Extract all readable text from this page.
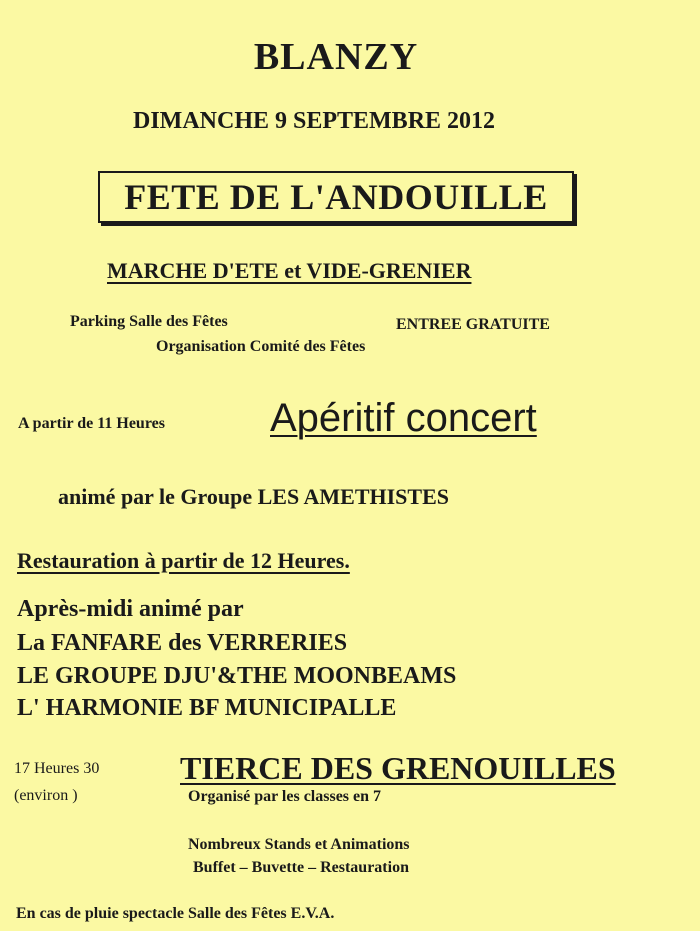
BLANZY

DIMANCHE 9 SEPTEMBRE 2012

FETE DE L'ANDOUILLE

MARCHE D'ETE et VIDE-GRENIER

Parking Salle des Fêtes	ENTREE GRATUITE

Organisation Comité des Fêtes

A partir de 11 Heures	Apéritif concert

animé par le Groupe LES AMETHISTES

Restauration à partir de 12 Heures.

Après-midi animé par

La FANFARE des VERRERIES

LE GROUPE DJU'&THE MOONBEAMS

L' HARMONIE BF MUNICIPALLE

17 Heures 30

(environ )

TIERCE DES GRENOUILLES

Organisé par les classes en 7

Nombreux Stands et Animations

Buffet – Buvette – Restauration

En cas de pluie spectacle Salle des Fêtes E.V.A.
